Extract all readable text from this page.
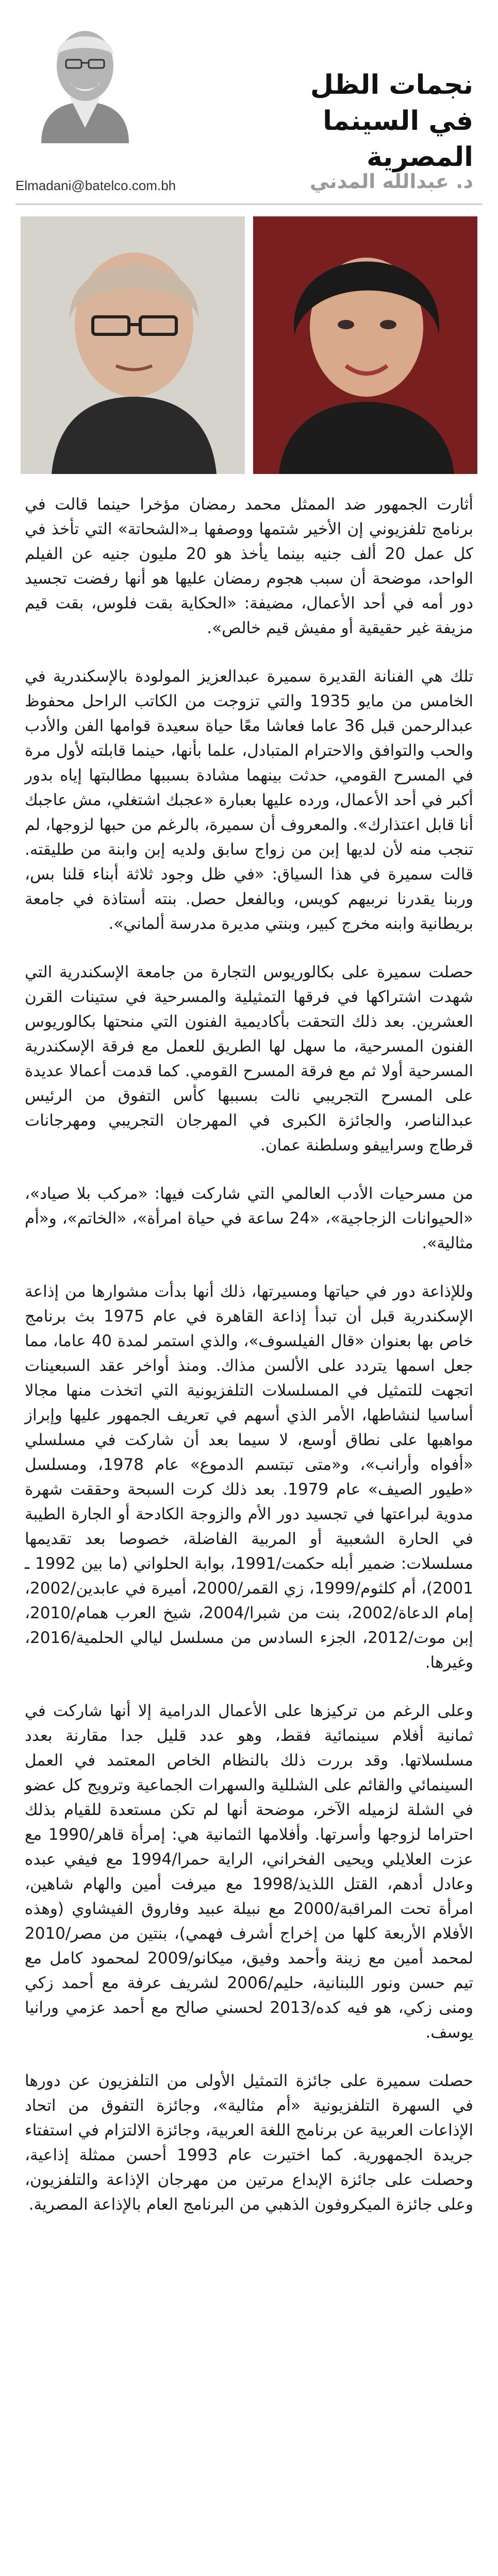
نجمات الظل
في السينما المصرية
Elmadani@batelco.com.bh	د. عبدالله المدني

أثارت الجمهور ضد الممثل محمد رمضان مؤخرا حينما قالت في برنامج تلفزيوني إن الأخير شتمها ووصفها بـ«الشحاتة» التي تأخذ في كل عمل 20 ألف جنيه بينما يأخذ هو 20 مليون جنيه عن الفيلم الواحد، موضحة أن سبب هجوم رمضان عليها هو أنها رفضت تجسيد دور أمه في أحد الأعمال، مضيفة: «الحكاية بقت فلوس، بقت قيم مزيفة غير حقيقية أو مفيش قيم خالص».

تلك هي الفنانة القديرة سميرة عبدالعزيز المولودة بالإسكندرية في الخامس من مايو 1935 والتي تزوجت من الكاتب الراحل محفوظ عبدالرحمن قبل 36 عاما فعاشا معًا حياة سعيدة قوامها الفن والأدب والحب والتوافق والاحترام المتبادل، علما بأنها، حينما قابلته لأول مرة في المسرح القومي، حدثت بينهما مشادة بسببها مطالبتها إياه بدور أكبر في أحد الأعمال، ورده عليها بعبارة «عجبك اشتغلي، مش عاجبك أنا قابل اعتذارك». والمعروف أن سميرة، بالرغم من حبها لزوجها، لم تنجب منه لأن لديها إبن من زواج سابق ولديه إبن وابنة من طليقته. قالت سميرة في هذا السياق: «في ظل وجود ثلاثة أبناء قلنا بس، وربنا يقدرنا نربيهم كويس، وبالفعل حصل. بنته أستاذة في جامعة بريطانية وابنه مخرج كبير، وبنتي مديرة مدرسة ألماني».

حصلت سميرة على بكالوريوس التجارة من جامعة الإسكندرية التي شهدت اشتراكها في فرقها التمثيلية والمسرحية في ستينات القرن العشرين. بعد ذلك التحقت بأكاديمية الفنون التي منحتها بكالوريوس الفنون المسرحية، ما سهل لها الطريق للعمل مع فرقة الإسكندرية المسرحية أولا ثم مع فرقة المسرح القومي. كما قدمت أعمالا عديدة على المسرح التجريبي نالت بسببها كأس التفوق من الرئيس عبدالناصر، والجائزة الكبرى في المهرجان التجريبي ومهرجانات قرطاج وسراييفو وسلطنة عمان.

من مسرحيات الأدب العالمي التي شاركت فيها: «مركب بلا صياد»، «الحيوانات الزجاجية»، «24 ساعة في حياة امرأة»، «الخاتم»، و«أم مثالية».

وللإذاعة دور في حياتها ومسيرتها، ذلك أنها بدأت مشوارها من إذاعة الإسكندرية قبل أن تبدأ إذاعة القاهرة في عام 1975 بث برنامج خاص بها بعنوان «قال الفيلسوف»، والذي استمر لمدة 40 عاما، مما جعل اسمها يتردد على الألسن مذاك. ومنذ أواخر عقد السبعينات اتجهت للتمثيل في المسلسلات التلفزيونية التي اتخذت منها مجالا أساسيا لنشاطها، الأمر الذي أسهم في تعريف الجمهور عليها وإبراز مواهبها على نطاق أوسع، لا سيما بعد أن شاركت في مسلسلي «أفواه وأرانب»، و«متى تبتسم الدموع» عام 1978، ومسلسل «طيور الصيف» عام 1979. بعد ذلك كرت السبحة وحققت شهرة مدوية لبراعتها في تجسيد دور الأم والزوجة الكادحة أو الجارة الطيبة في الحارة الشعبية أو المربية الفاضلة، خصوصا بعد تقديمها مسلسلات: ضمير أبله حكمت/1991، بوابة الحلواني (ما بين 1992 ـ 2001)، أم كلثوم/1999، زي القمر/2000، أميرة في عابدين/2002، إمام الدعاة/2002، بنت من شبرا/2004، شيخ العرب همام/2010، إبن موت/2012، الجزء السادس من مسلسل ليالي الحلمية/2016، وغيرها.

وعلى الرغم من تركيزها على الأعمال الدرامية إلا أنها شاركت في ثمانية أفلام سينمائية فقط، وهو عدد قليل جدا مقارنة بعدد مسلسلاتها. وقد بررت ذلك بالنظام الخاص المعتمد في العمل السينمائي والقائم على الشللية والسهرات الجماعية وترويج كل عضو في الشلة لزميله الآخر، موضحة أنها لم تكن مستعدة للقيام بذلك احتراما لزوجها وأسرتها. وأفلامها الثمانية هي: إمرأة قاهر/1990 مع عزت العلايلي ويحيى الفخراني، الراية حمرا/1994 مع فيفي عبده وعادل أدهم، القتل اللذيذ/1998 مع ميرفت أمين والهام شاهين، امرأة تحت المراقبة/2000 مع نبيلة عبيد وفاروق الفيشاوي (وهذه الأفلام الأربعة كلها من إخراج أشرف فهمي)، بنتين من مصر/2010 لمحمد أمين مع زينة وأحمد وفيق، ميكانو/2009 لمحمود كامل مع تيم حسن ونور اللبنانية، حليم/2006 لشريف عرفة مع أحمد زكي ومنى زكي، هو فيه كده/2013 لحسني صالح مع أحمد عزمي ورانيا يوسف.

حصلت سميرة على جائزة التمثيل الأولى من التلفزيون عن دورها في السهرة التلفزيونية «أم مثالية»، وجائزة التفوق من اتحاد الإذاعات العربية عن برنامج اللغة العربية، وجائزة الالتزام في استفتاء جريدة الجمهورية. كما اختيرت عام 1993 أحسن ممثلة إذاعية، وحصلت على جائزة الإبداع مرتين من مهرجان الإذاعة والتلفزيون، وعلى جائزة الميكروفون الذهبي من البرنامج العام بالإذاعة المصرية.
